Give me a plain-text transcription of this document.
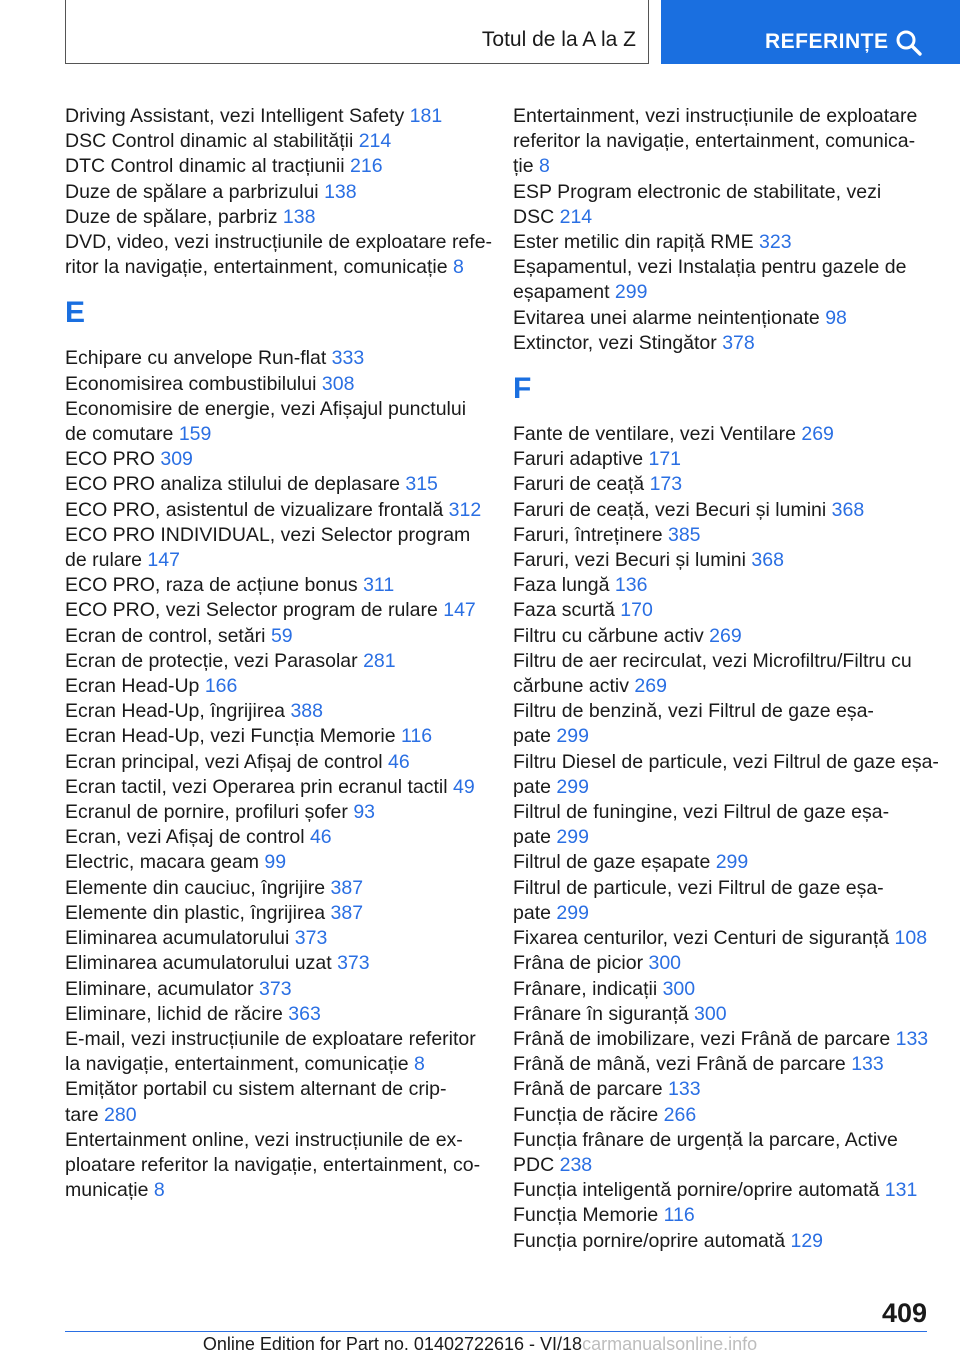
Totul de la A la Z	REFERINȚE
Driving Assistant, vezi Intelligent Safety 181
DSC Control dinamic al stabilității 214
DTC Control dinamic al tracțiunii 216
Duze de spălare a parbrizului 138
Duze de spălare, parbriz 138
DVD, video, vezi instrucțiunile de exploatare refe‐
ritor la navigație, entertainment, comunicație 8
E
Echipare cu anvelope Run-flat 333
Economisirea combustibilului 308
Economisire de energie, vezi Afișajul punctului
de comutare 159
ECO PRO 309
ECO PRO analiza stilului de deplasare 315
ECO PRO, asistentul de vizualizare frontală 312
ECO PRO INDIVIDUAL, vezi Selector program
de rulare 147
ECO PRO, raza de acțiune bonus 311
ECO PRO, vezi Selector program de rulare 147
Ecran de control, setări 59
Ecran de protecție, vezi Parasolar 281
Ecran Head-Up 166
Ecran Head-Up, îngrijirea 388
Ecran Head-Up, vezi Funcția Memorie 116
Ecran principal, vezi Afișaj de control 46
Ecran tactil, vezi Operarea prin ecranul tactil 49
Ecranul de pornire, profiluri șofer 93
Ecran, vezi Afișaj de control 46
Electric, macara geam 99
Elemente din cauciuc, îngrijire 387
Elemente din plastic, îngrijirea 387
Eliminarea acumulatorului 373
Eliminarea acumulatorului uzat 373
Eliminare, acumulator 373
Eliminare, lichid de răcire 363
E-mail, vezi instrucțiunile de exploatare referitor
la navigație, entertainment, comunicație 8
Emițător portabil cu sistem alternant de crip‐
tare 280
Entertainment online, vezi instrucțiunile de ex‐
ploatare referitor la navigație, entertainment, co‐
municație 8
Entertainment, vezi instrucțiunile de exploatare
referitor la navigație, entertainment, comunica‐
ție 8
ESP Program electronic de stabilitate, vezi
DSC 214
Ester metilic din rapiță RME 323
Eșapamentul, vezi Instalația pentru gazele de
eșapament 299
Evitarea unei alarme neintenționate 98
Extinctor, vezi Stingător 378
F
Fante de ventilare, vezi Ventilare 269
Faruri adaptive 171
Faruri de ceață 173
Faruri de ceață, vezi Becuri și lumini 368
Faruri, întreținere 385
Faruri, vezi Becuri și lumini 368
Faza lungă 136
Faza scurtă 170
Filtru cu cărbune activ 269
Filtru de aer recirculat, vezi Microfiltru/Filtru cu
cărbune activ 269
Filtru de benzină, vezi Filtrul de gaze eșa‐
pate 299
Filtru Diesel de particule, vezi Filtrul de gaze eșa‐
pate 299
Filtrul de funingine, vezi Filtrul de gaze eșa‐
pate 299
Filtrul de gaze eșapate 299
Filtrul de particule, vezi Filtrul de gaze eșa‐
pate 299
Fixarea centurilor, vezi Centuri de siguranță 108
Frâna de picior 300
Frânare, indicații 300
Frânare în siguranță 300
Frână de imobilizare, vezi Frână de parcare 133
Frână de mână, vezi Frână de parcare 133
Frână de parcare 133
Funcția de răcire 266
Funcția frânare de urgență la parcare, Active
PDC 238
Funcția inteligentă pornire/oprire automată 131
Funcția Memorie 116
Funcția pornire/oprire automată 129
409
Online Edition for Part no. 01402722616 - VI/18carmanualsonline.info
